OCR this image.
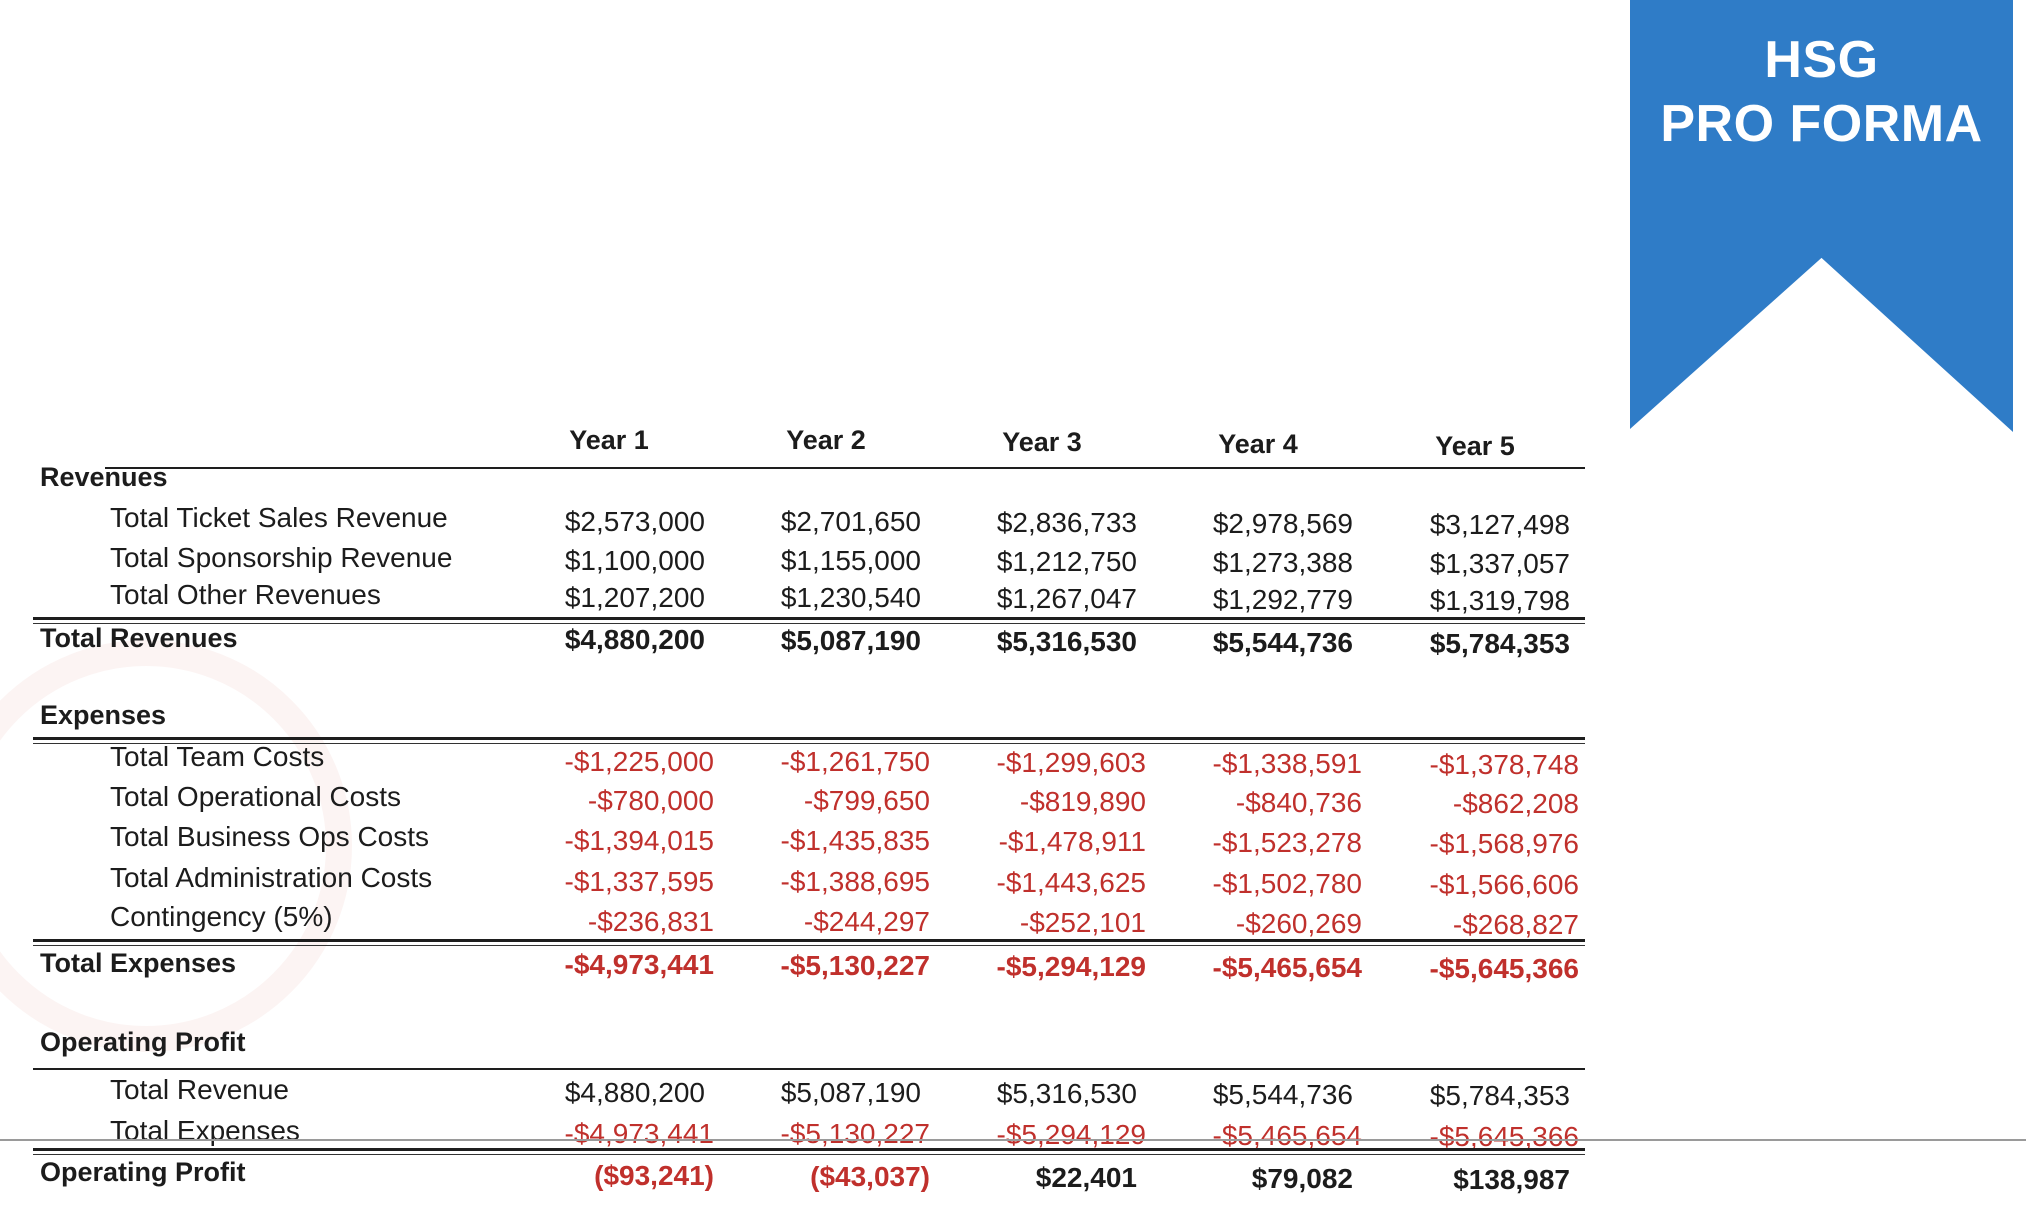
HSG
PRO FORMA
Year 1	Year 2	Year 3	Year 4	Year 5
Revenues
Total Ticket Sales Revenue	$2,573,000	$2,701,650	$2,836,733	$2,978,569	$3,127,498
Total Sponsorship Revenue	$1,100,000	$1,155,000	$1,212,750	$1,273,388	$1,337,057
Total Other Revenues	$1,207,200	$1,230,540	$1,267,047	$1,292,779	$1,319,798
Total Revenues	$4,880,200	$5,087,190	$5,316,530	$5,544,736	$5,784,353
Expenses
Total Team Costs	-$1,225,000	-$1,261,750	-$1,299,603	-$1,338,591	-$1,378,748
Total Operational Costs	-$780,000	-$799,650	-$819,890	-$840,736	-$862,208
Total Business Ops Costs	-$1,394,015	-$1,435,835	-$1,478,911	-$1,523,278	-$1,568,976
Total Administration Costs	-$1,337,595	-$1,388,695	-$1,443,625	-$1,502,780	-$1,566,606
Contingency (5%)	-$236,831	-$244,297	-$252,101	-$260,269	-$268,827
Total Expenses	-$4,973,441	-$5,130,227	-$5,294,129	-$5,465,654	-$5,645,366
Operating Profit
Total Revenue	$4,880,200	$5,087,190	$5,316,530	$5,544,736	$5,784,353
Total Expenses	-$4,973,441	-$5,130,227	-$5,294,129	-$5,465,654	-$5,645,366
Operating Profit	($93,241)	($43,037)	$22,401	$79,082	$138,987
